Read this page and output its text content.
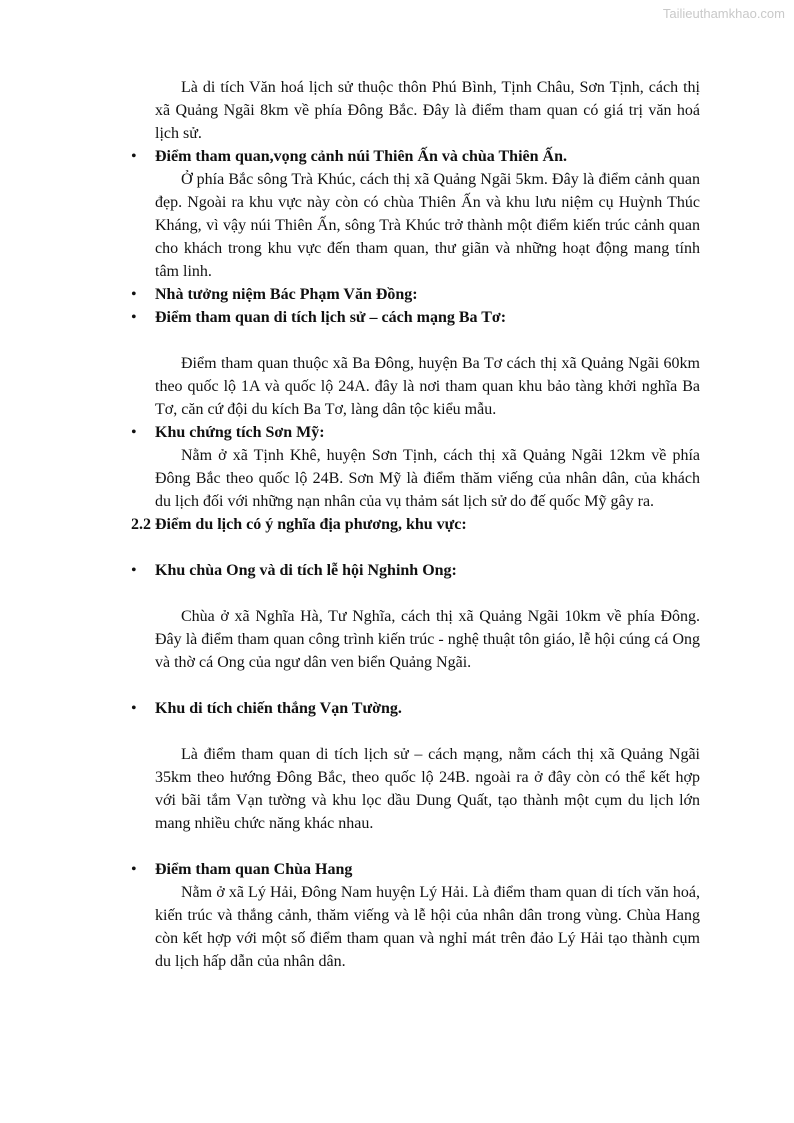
Tailieuthamkhao.com

Là di tích Văn hoá lịch sử thuộc thôn Phú Bình, Tịnh Châu, Sơn Tịnh, cách thị xã Quảng Ngãi 8km về phía Đông Bắc. Đây là điểm tham quan có giá trị văn hoá lịch sử.

• Điểm tham quan,vọng cảnh núi Thiên Ấn và chùa Thiên Ấn.

Ở phía Bắc sông Trà Khúc, cách thị xã Quảng Ngãi 5km. Đây là điểm cảnh quan đẹp. Ngoài ra khu vực này còn có chùa Thiên Ấn và khu lưu niệm cụ Huỳnh Thúc Kháng, vì vậy núi Thiên Ấn, sông Trà Khúc trở thành một điểm kiến trúc cảnh quan cho khách trong khu vực đến tham quan, thư giãn và những hoạt động mang tính tâm linh.

• Nhà tưởng niệm Bác Phạm Văn Đồng:
• Điểm tham quan di tích lịch sử – cách mạng Ba Tơ:

Điểm tham quan thuộc xã Ba Đông, huyện Ba Tơ cách thị xã Quảng Ngãi 60km theo quốc lộ 1A và quốc lộ 24A. đây là nơi tham quan khu bảo tàng khởi nghĩa Ba Tơ, căn cứ đội du kích Ba Tơ, làng dân tộc kiểu mẫu.

• Khu chứng tích Sơn Mỹ:

Nằm ở xã Tịnh Khê, huyện Sơn Tịnh, cách thị xã Quảng Ngãi 12km về phía Đông Bắc theo quốc lộ 24B. Sơn Mỹ là điểm thăm viếng của nhân dân, của khách du lịch đối với những nạn nhân của vụ thảm sát lịch sử do đế quốc Mỹ gây ra.

2.2 Điểm du lịch có ý nghĩa địa phương, khu vực:
• Khu chùa Ong và di tích lễ hội Nghinh Ong:

Chùa ở xã Nghĩa Hà, Tư Nghĩa, cách thị xã Quảng Ngãi 10km về phía Đông. Đây là điểm tham quan công trình kiến trúc - nghệ thuật tôn giáo, lễ hội cúng cá Ong và thờ cá Ong của ngư dân ven biển Quảng Ngãi.

• Khu di tích chiến thắng Vạn Tường.

Là điểm tham quan di tích lịch sử – cách mạng, nằm cách thị xã Quảng Ngãi 35km theo hướng Đông Bắc, theo quốc lộ 24B. ngoài ra ở đây còn có thể kết hợp với bãi tắm Vạn tường và khu lọc dầu Dung Quất, tạo thành một cụm du lịch lớn mang nhiều chức năng khác nhau.

• Điểm tham quan Chùa Hang

Nằm ở xã Lý Hải, Đông Nam huyện Lý Hải. Là điểm tham quan di tích văn hoá, kiến trúc và thắng cảnh, thăm viếng và lễ hội của nhân dân trong vùng. Chùa Hang còn kết hợp với một số điểm tham quan và nghỉ mát trên đảo Lý Hải tạo thành cụm du lịch hấp dẫn của nhân dân.
